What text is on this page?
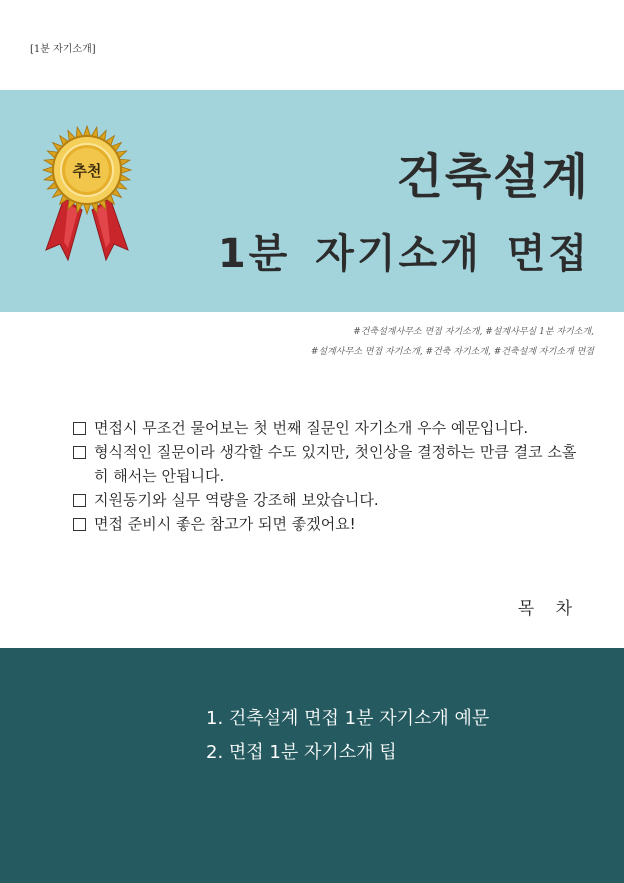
[1분 자기소개]
추천	건축설계
1분 자기소개 면접
#건축설계사무소 면접 자기소개, #설계사무실 1분 자기소개,
#설계사무소 면접 자기소개, #건축 자기소개, #건축설계 자기소개 면접
면접시 무조건 물어보는 첫 번째 질문인 자기소개 우수 예문입니다.
형식적인 질문이라 생각할 수도 있지만, 첫인상을 결정하는 만큼 결코 소홀히 해서는 안됩니다.
지원동기와 실무 역량을 강조해 보았습니다.
면접 준비시 좋은 참고가 되면 좋겠어요!
목 차
1. 건축설계 면접 1분 자기소개 예문
2. 면접 1분 자기소개 팁
